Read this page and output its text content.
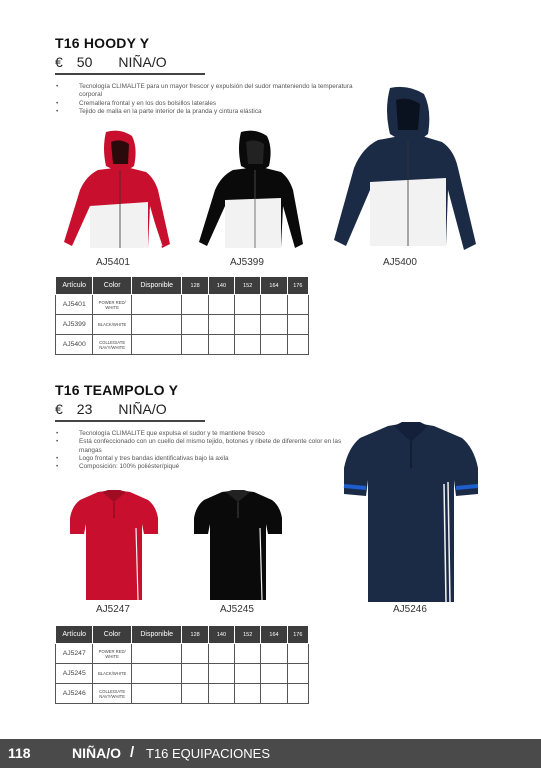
T16 HOODY Y
€ 50 NIÑA/O
• Tecnología CLIMALITE para un mayor frescor y expulsión del sudor manteniendo la temperatura corporal
• Cremallera frontal y en los dos bolsillos laterales
• Tejido de malla en la parte interior de la pranda y cintura elástica
AJ5401	AJ5399	AJ5400
Artículo	Color	Disponible	128	140	152	164	176
AJ5401	POWER RED/ WHITE						
AJ5399	BLACK/WHITE						
AJ5400	COLLEGIATE NAVY/WHITE						
T16 TEAMPOLO Y
€ 23 NIÑA/O
• Tecnología CLIMALITE que expulsa el sudor y te mantiene fresco
• Está confeccionado con un cuello del mismo tejido, botones y ribete de diferente color en las mangas
• Logo frontal y tres bandas identificativas bajo la axila
• Composición: 100% poliéster/piqué
AJ5247	AJ5245	AJ5246
Artículo	Color	Disponible	128	140	152	164	176
AJ5247	POWER RED/ WHITE						
AJ5245	BLACK/WHITE						
AJ5246	COLLEGIATE NAVY/WHITE						
118	NIÑA/O / T16 EQUIPACIONES
